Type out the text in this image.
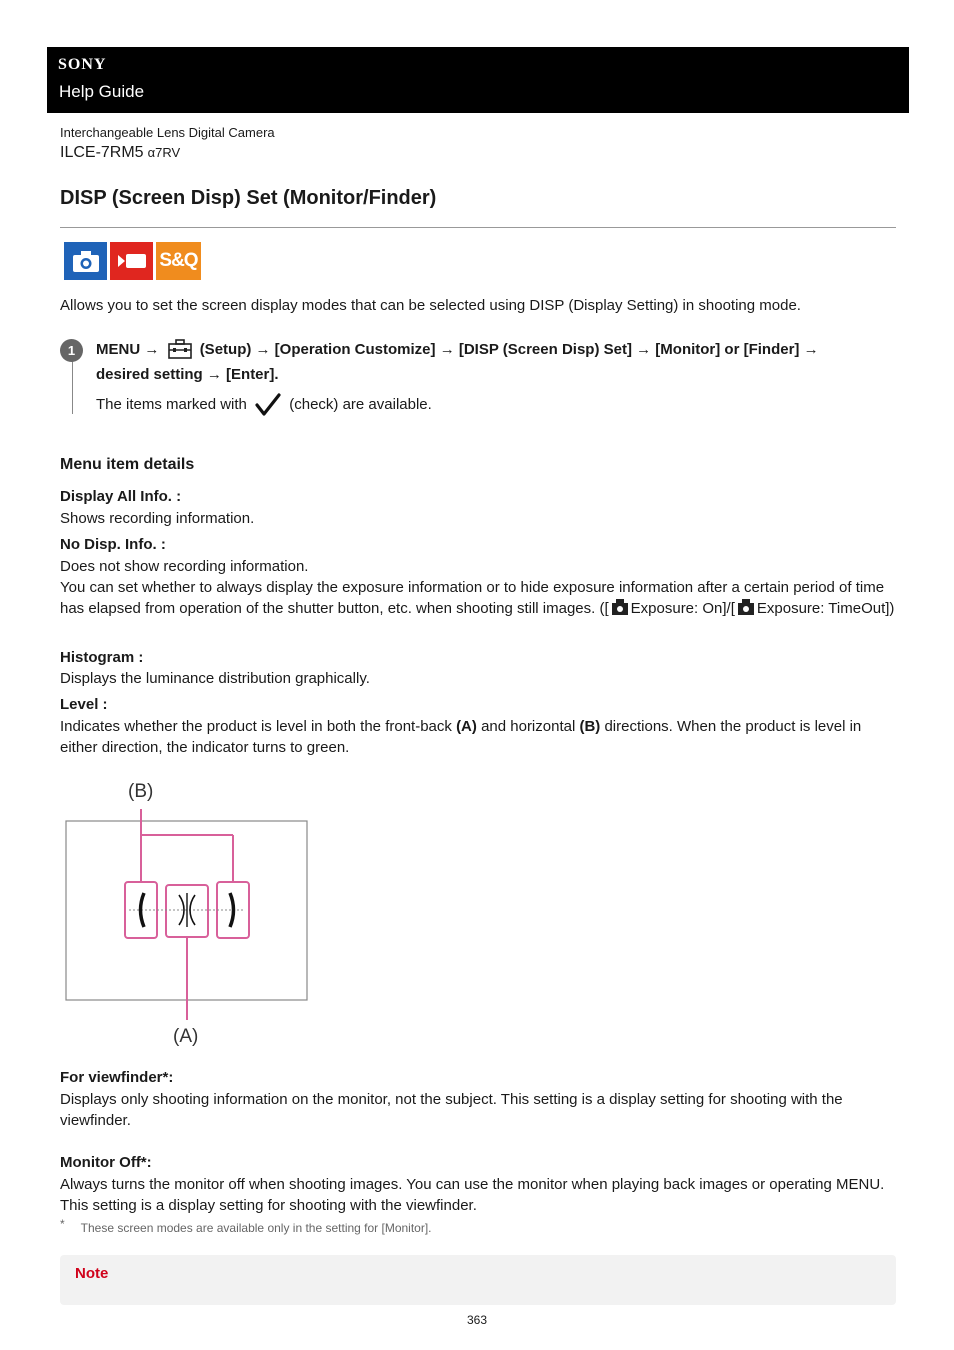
SONY
Help Guide
Interchangeable Lens Digital Camera
ILCE-7RM5 α7RV
DISP (Screen Disp) Set (Monitor/Finder)
S&Q
Allows you to set the screen display modes that can be selected using DISP (Display Setting) in shooting mode.
1	MENU →	(Setup) → [Operation Customize] → [DISP (Screen Disp) Set] → [Monitor] or [Finder] → desired setting → [Enter].
The items marked with	(check) are available.
Menu item details
Display All Info. :
Shows recording information.
No Disp. Info. :
Does not show recording information.
You can set whether to always display the exposure information or to hide exposure information after a certain period of time has elapsed from operation of the shutter button, etc. when shooting still images. ([ Exposure: On]/[ Exposure: TimeOut])
Histogram :
Displays the luminance distribution graphically.
Level :
Indicates whether the product is level in both the front-back (A) and horizontal (B) directions. When the product is level in either direction, the indicator turns to green.
(B)
(A)
For viewfinder*:
Displays only shooting information on the monitor, not the subject. This setting is a display setting for shooting with the viewfinder.
Monitor Off*:
Always turns the monitor off when shooting images. You can use the monitor when playing back images or operating MENU. This setting is a display setting for shooting with the viewfinder.
* These screen modes are available only in the setting for [Monitor].
Note
363
